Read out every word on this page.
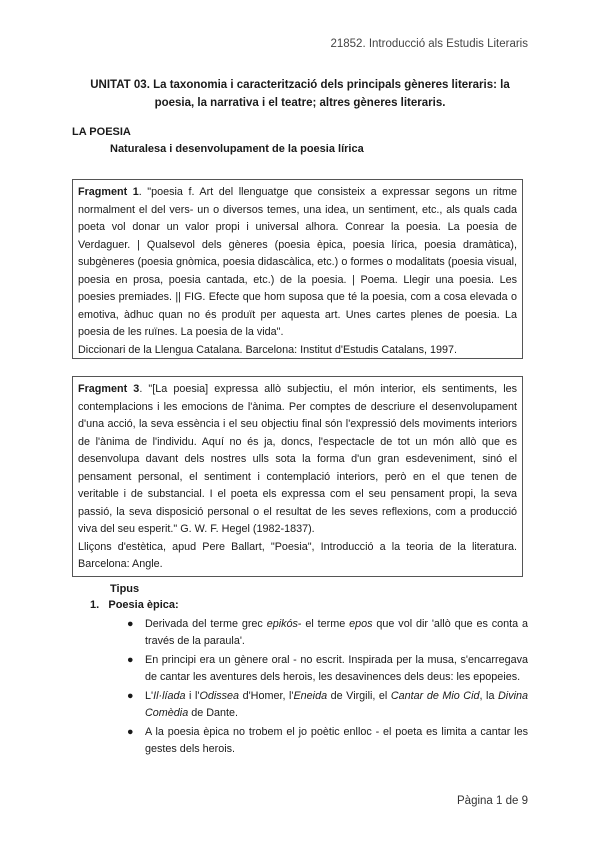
21852. Introducció als Estudis Literaris
UNITAT 03. La taxonomia i caracterització dels principals gèneres literaris: la poesia, la narrativa i el teatre; altres gèneres literaris.
LA POESIA
Naturalesa i desenvolupament de la poesia lírica
Fragment 1. "poesia f. Art del llenguatge que consisteix a expressar segons un ritme normalment el del vers- un o diversos temes, una idea, un sentiment, etc., als quals cada poeta vol donar un valor propi i universal alhora. Conrear la poesia. La poesia de Verdaguer. | Qualsevol dels gèneres (poesia èpica, poesia lírica, poesia dramàtica), subgèneres (poesia gnòmica, poesia didascàlica, etc.) o formes o modalitats (poesia visual, poesia en prosa, poesia cantada, etc.) de la poesia. | Poema. Llegir una poesia. Les poesies premiades. || FIG. Efecte que hom suposa que té la poesia, com a cosa elevada o emotiva, àdhuc quan no és produït per aquesta art. Unes cartes plenes de poesia. La poesia de les ruïnes. La poesia de la vida".
Diccionari de la Llengua Catalana. Barcelona: Institut d'Estudis Catalans, 1997.
Fragment 3. "[La poesia] expressa allò subjectiu, el món interior, els sentiments, les contemplacions i les emocions de l'ànima. Per comptes de descriure el desenvolupament d'una acció, la seva essència i el seu objectiu final són l'expressió dels moviments interiors de l'ànima de l'individu. Aquí no és ja, doncs, l'espectacle de tot un món allò que es desenvolupa davant dels nostres ulls sota la forma d'un gran esdeveniment, sinó el pensament personal, el sentiment i contemplació interiors, però en el que tenen de veritable i de substancial. I el poeta els expressa com el seu pensament propi, la seva passió, la seva disposició personal o el resultat de les seves reflexions, com a producció viva del seu esperit." G. W. F. Hegel (1982-1837).
Lliçons d'estètica, apud Pere Ballart, "Poesia", Introducció a la teoria de la literatura. Barcelona: Angle.
Tipus
1. Poesia èpica:
● Derivada del terme grec epikós- el terme epos que vol dir 'allò que es conta a través de la paraula'.
● En principi era un gènere oral - no escrit. Inspirada per la musa, s'encarregava de cantar les aventures dels herois, les desavinences dels deus: les epopeies.
● L'Il·líada i l'Odissea d'Homer, l'Eneida de Virgili, el Cantar de Mio Cid, la Divina Comèdia de Dante.
● A la poesia èpica no trobem el jo poètic enlloc - el poeta es limita a cantar les gestes dels herois.
Pàgina 1 de 9
